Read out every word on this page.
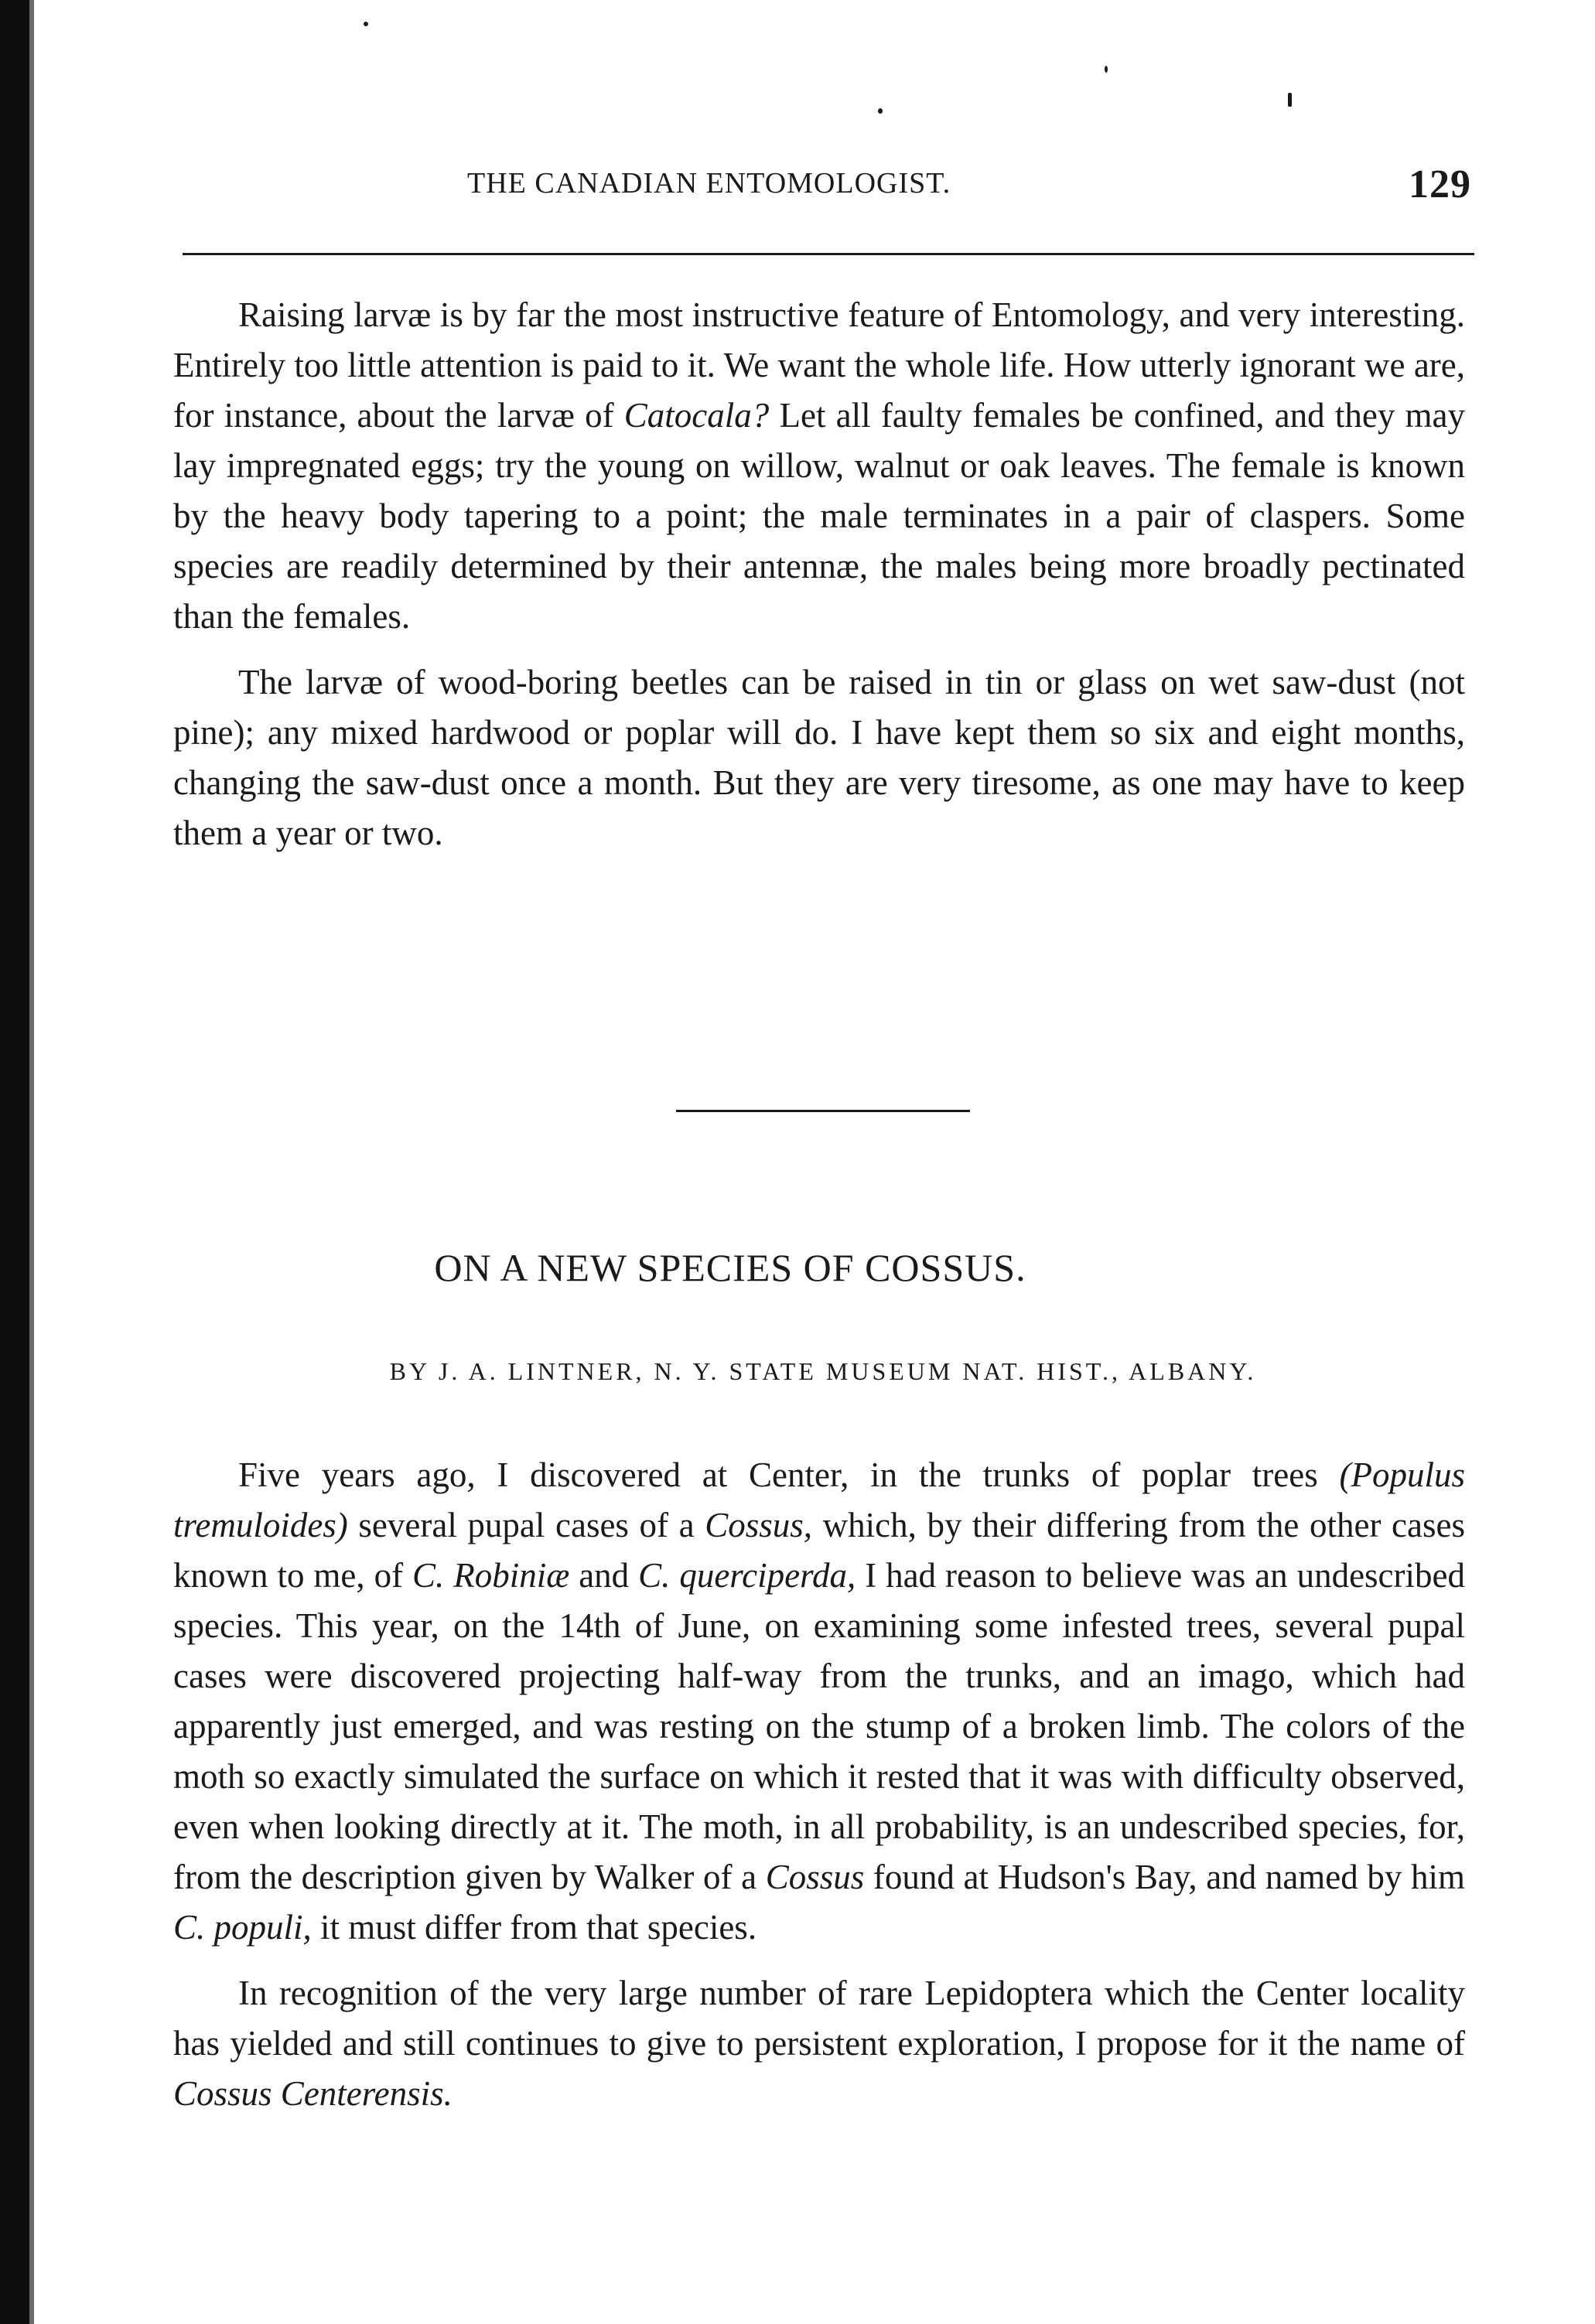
THE CANADIAN ENTOMOLOGIST.	129

Raising larvæ is by far the most instructive feature of Entomology, and very interesting. Entirely too little attention is paid to it. We want the whole life. How utterly ignorant we are, for instance, about the larvæ of Catocala? Let all faulty females be confined, and they may lay impregnated eggs; try the young on willow, walnut or oak leaves. The female is known by the heavy body tapering to a point; the male terminates in a pair of claspers. Some species are readily determined by their antennæ, the males being more broadly pectinated than the females.

The larvæ of wood-boring beetles can be raised in tin or glass on wet saw-dust (not pine); any mixed hardwood or poplar will do. I have kept them so six and eight months, changing the saw-dust once a month. But they are very tiresome, as one may have to keep them a year or two.

ON A NEW SPECIES OF COSSUS.
BY J. A. LINTNER, N. Y. STATE MUSEUM NAT. HIST., ALBANY.

Five years ago, I discovered at Center, in the trunks of poplar trees (Populus tremuloides) several pupal cases of a Cossus, which, by their differing from the other cases known to me, of C. Robiniæ and C. querciperda, I had reason to believe was an undescribed species. This year, on the 14th of June, on examining some infested trees, several pupal cases were discovered projecting half-way from the trunks, and an imago, which had apparently just emerged, and was resting on the stump of a broken limb. The colors of the moth so exactly simulated the surface on which it rested that it was with difficulty observed, even when looking directly at it. The moth, in all probability, is an undescribed species, for, from the description given by Walker of a Cossus found at Hudson's Bay, and named by him C. populi, it must differ from that species.

In recognition of the very large number of rare Lepidoptera which the Center locality has yielded and still continues to give to persistent exploration, I propose for it the name of Cossus Centerensis.
